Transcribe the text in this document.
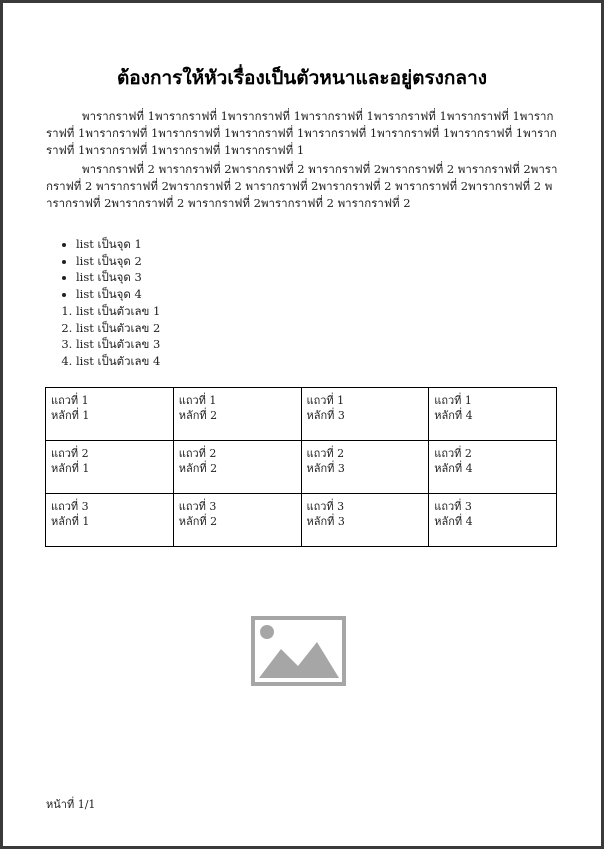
ต้องการให้หัวเรื่องเป็นตัวหนาและอยู่ตรงกลาง

พารากราฟที่ 1พารากราฟที่ 1พารากราฟที่ 1พารากราฟที่ 1พารากราฟที่ 1พารากราฟที่ 1พารากราฟที่ 1พารากราฟที่ 1พารากราฟที่ 1พารากราฟที่ 1พารากราฟที่ 1พารากราฟที่ 1พารากราฟที่ 1พารากราฟที่ 1พารากราฟที่ 1พารากราฟที่ 1พารากราฟที่ 1

พารากราฟที่ 2 พารากราฟที่ 2พารากราฟที่ 2 พารากราฟที่ 2พารากราฟที่ 2 พารากราฟที่ 2พารากราฟที่ 2 พารากราฟที่ 2พารากราฟที่ 2 พารากราฟที่ 2พารากราฟที่ 2 พารากราฟที่ 2พารากราฟที่ 2 พารากราฟที่ 2พารากราฟที่ 2 พารากราฟที่ 2พารากราฟที่ 2 พารากราฟที่ 2

• list เป็นจุด 1
• list เป็นจุด 2
• list เป็นจุด 3
• list เป็นจุด 4
1. list เป็นตัวเลข 1
2. list เป็นตัวเลข 2
3. list เป็นตัวเลข 3
4. list เป็นตัวเลข 4
แถวที่ 1
หลักที่ 1	แถวที่ 1
หลักที่ 2	แถวที่ 1
หลักที่ 3	แถวที่ 1
หลักที่ 4

แถวที่ 2
หลักที่ 1	แถวที่ 2
หลักที่ 2	แถวที่ 2
หลักที่ 3	แถวที่ 2
หลักที่ 4

แถวที่ 3
หลักที่ 1	แถวที่ 3
หลักที่ 2	แถวที่ 3
หลักที่ 3	แถวที่ 3
หลักที่ 4
หน้าที่ 1/1
